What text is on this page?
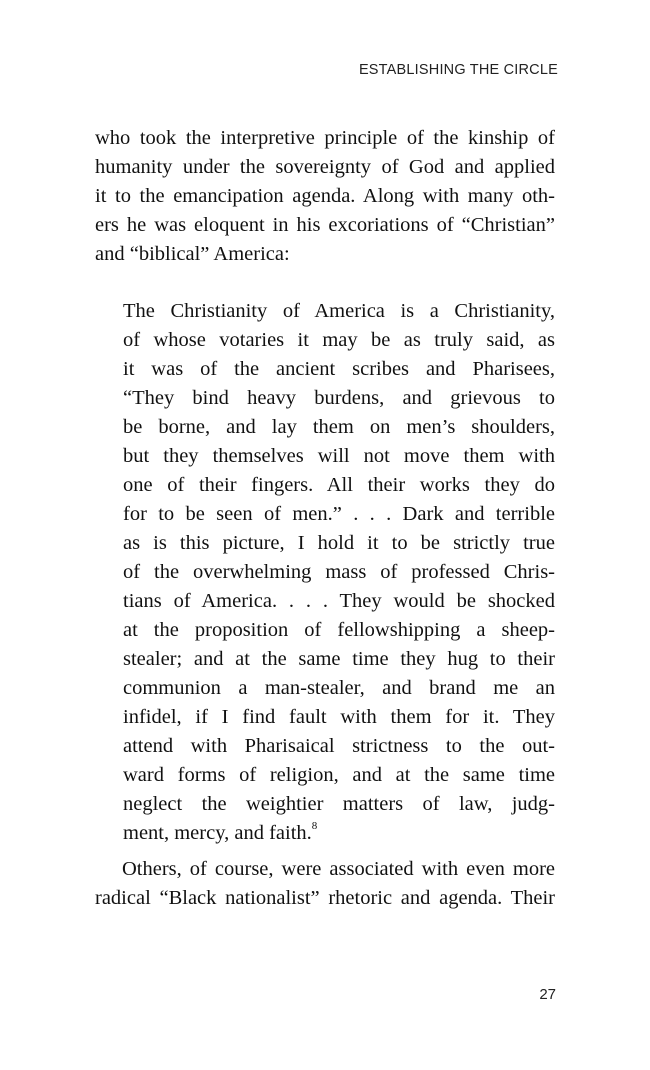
ESTABLISHING THE CIRCLE
who took the interpretive principle of the kinship of
humanity under the sovereignty of God and applied
it to the emancipation agenda. Along with many oth-
ers he was eloquent in his excoriations of “Christian”
and “biblical” America:
The Christianity of America is a Christianity,
of whose votaries it may be as truly said, as
it was of the ancient scribes and Pharisees,
“They bind heavy burdens, and grievous to
be borne, and lay them on men’s shoulders,
but they themselves will not move them with
one of their fingers. All their works they do
for to be seen of men.” . . . Dark and terrible
as is this picture, I hold it to be strictly true
of the overwhelming mass of professed Chris-
tians of America. . . . They would be shocked
at the proposition of fellowshipping a sheep-
stealer; and at the same time they hug to their
communion a man-stealer, and brand me an
infidel, if I find fault with them for it. They
attend with Pharisaical strictness to the out-
ward forms of religion, and at the same time
neglect the weightier matters of law, judg-
ment, mercy, and faith.$^8$
Others, of course, were associated with even more
radical “Black nationalist” rhetoric and agenda. Their
27
